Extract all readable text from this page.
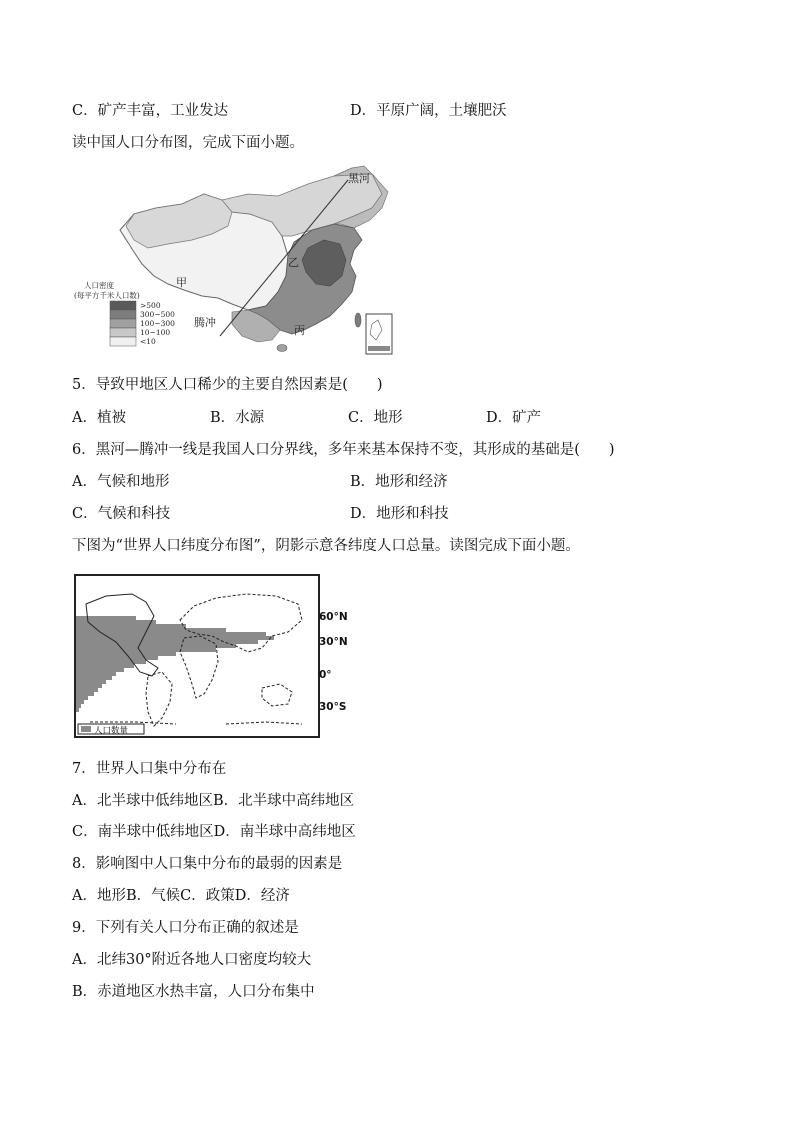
C．矿产丰富，工业发达	D．平原广阔，土壤肥沃
读中国人口分布图，完成下面小题。
人口密度
(每平方千米人口数)
>500
300~500
100~300
10~100
<10
黑河
腾冲
甲
乙
丙
5．导致甲地区人口稀少的主要自然因素是(　　)
A．植被	B．水源	C．地形	D．矿产
6．黑河—腾冲一线是我国人口分界线，多年来基本保持不变，其形成的基础是(　　)
A．气候和地形	B．地形和经济
C．气候和科技	D．地形和科技
下图为“世界人口纬度分布图”，阴影示意各纬度人口总量。读图完成下面小题。
人口数量
60°N
30°N
0°
30°S
7．世界人口集中分布在
A．北半球中低纬地区B．北半球中高纬地区
C．南半球中低纬地区D．南半球中高纬地区
8．影响图中人口集中分布的最弱的因素是
A．地形B．气候C．政策D．经济
9．下列有关人口分布正确的叙述是
A．北纬30°附近各地人口密度均较大
B．赤道地区水热丰富，人口分布集中
